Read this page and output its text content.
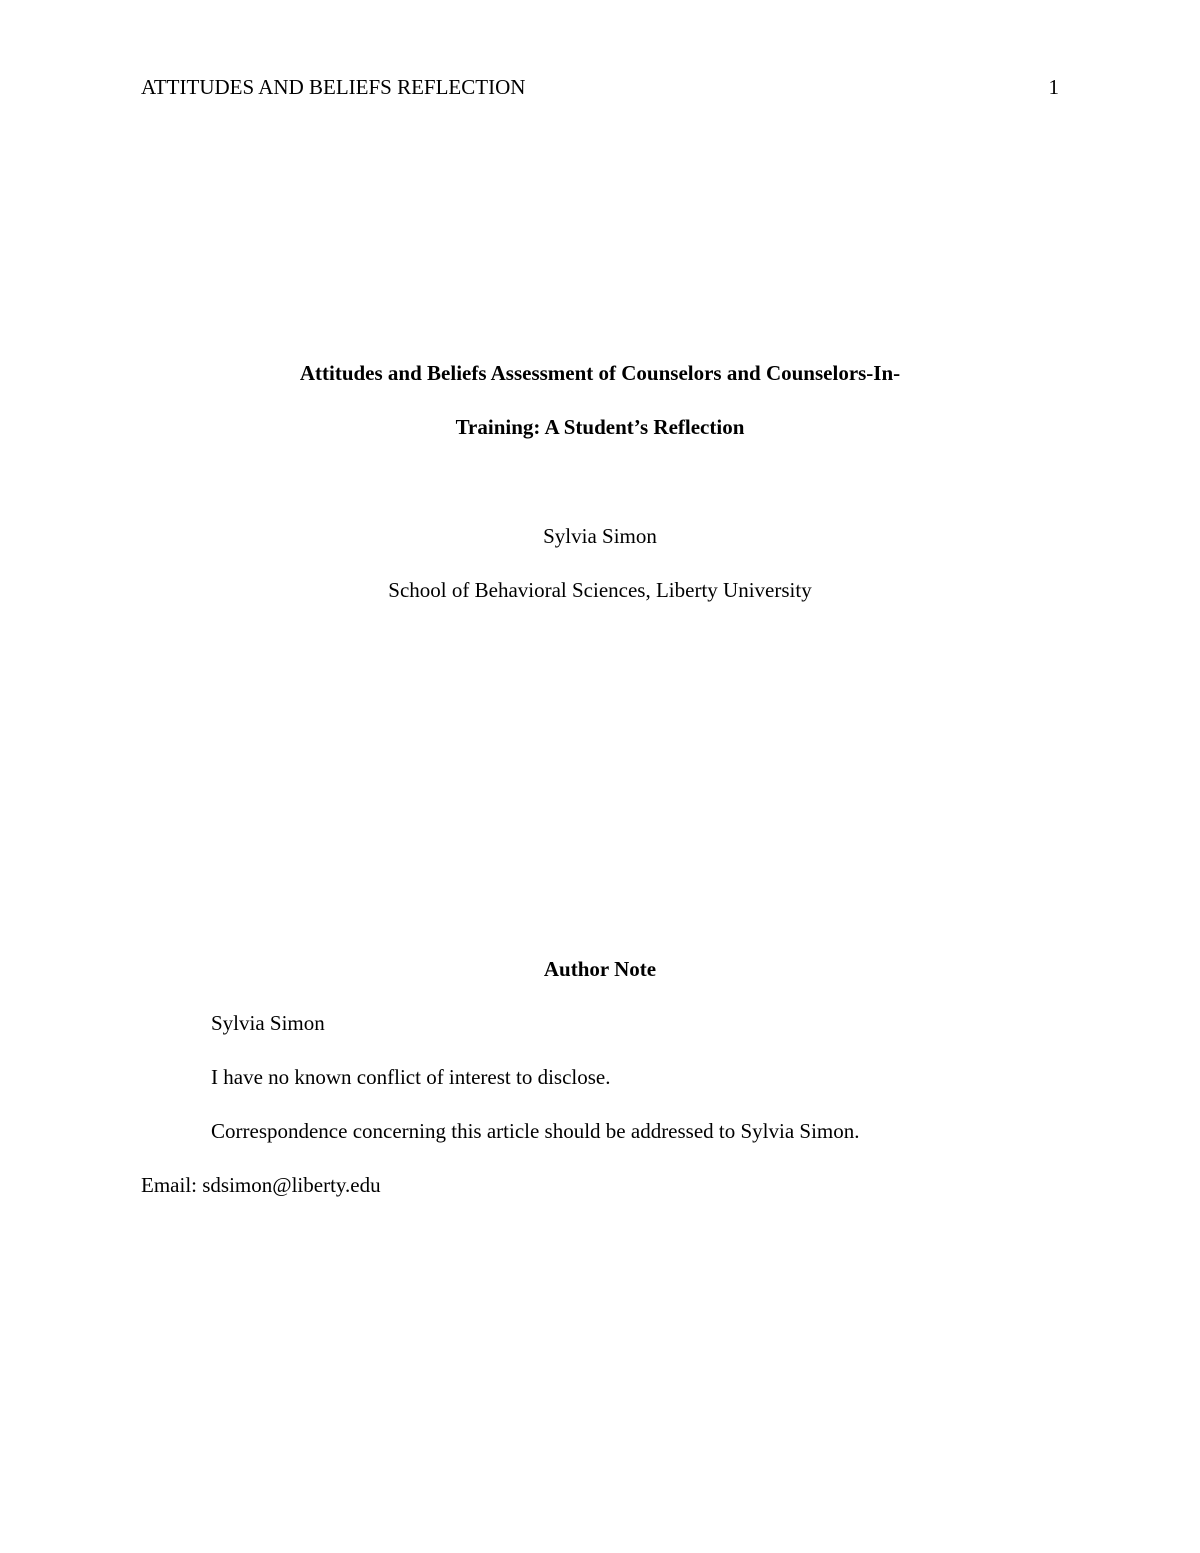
ATTITUDES AND BELIEFS REFLECTION	1
Attitudes and Beliefs Assessment of Counselors and Counselors-In-
Training: A Student’s Reflection
Sylvia Simon
School of Behavioral Sciences, Liberty University
Author Note
Sylvia Simon
I have no known conflict of interest to disclose.
Correspondence concerning this article should be addressed to Sylvia Simon.
Email: sdsimon@liberty.edu
